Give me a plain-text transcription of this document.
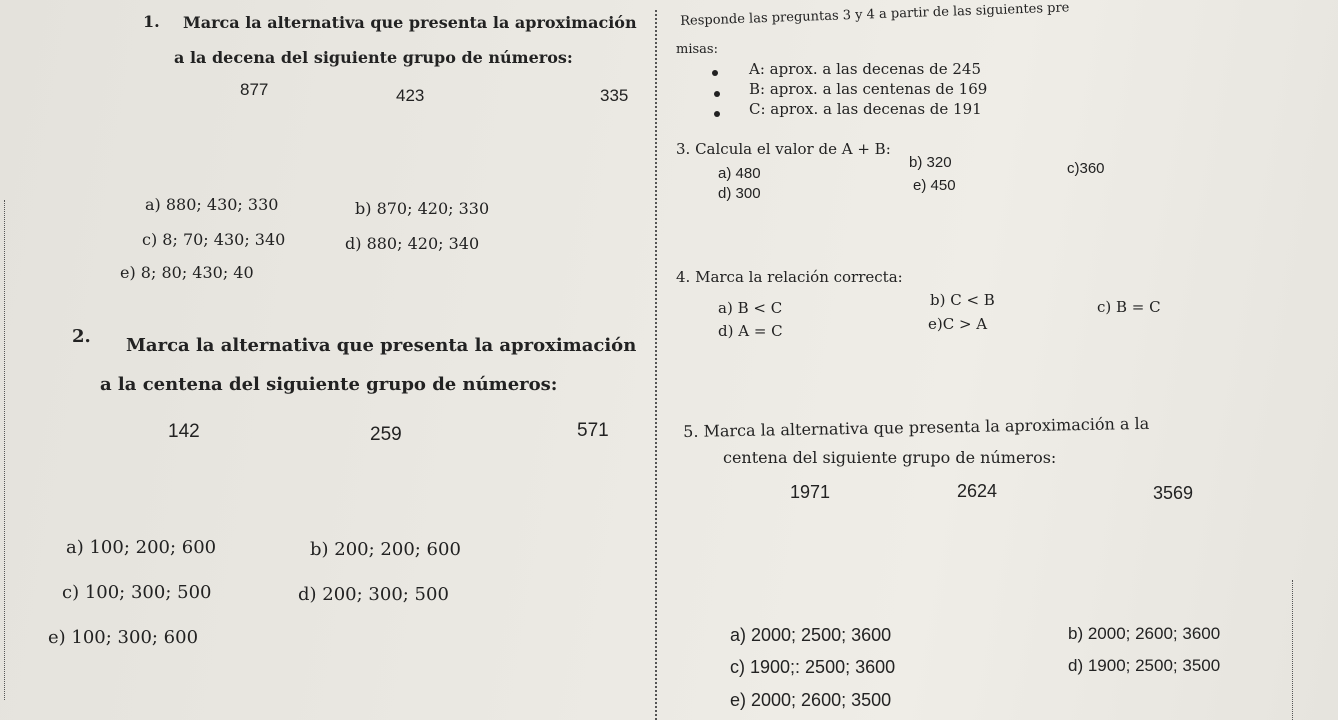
1. Marca la alternativa que presenta la aproximación
a la decena del siguiente grupo de números:
877	423	335
a) 880; 430; 330	b) 870; 420; 330
c) 8; 70; 430; 340	d) 880; 420; 340
e) 8; 80; 430; 40
2. Marca la alternativa que presenta la aproximación
a la centena del siguiente grupo de números:
142	259	571
a) 100; 200; 600	b) 200; 200; 600
c) 100; 300; 500	d) 200; 300; 500
e) 100; 300; 600
Responde las preguntas 3 y 4 a partir de las siguientes pre
misas:
A: aprox. a las decenas de 245
B: aprox. a las centenas de 169
C: aprox. a las decenas de 191
3. Calcula el valor de A + B:
a) 480
b) 320	c)360
d) 300	e) 450
4. Marca la relación correcta:
a) B < C	b) C < B	c) B = C
d) A = C	e)C > A
5. Marca la alternativa que presenta la aproximación a la
centena del siguiente grupo de números:
1971	2624	3569
a) 2000; 2500; 3600	b) 2000; 2600; 3600
c) 1900;: 2500; 3600	d) 1900; 2500; 3500
e) 2000; 2600; 3500
